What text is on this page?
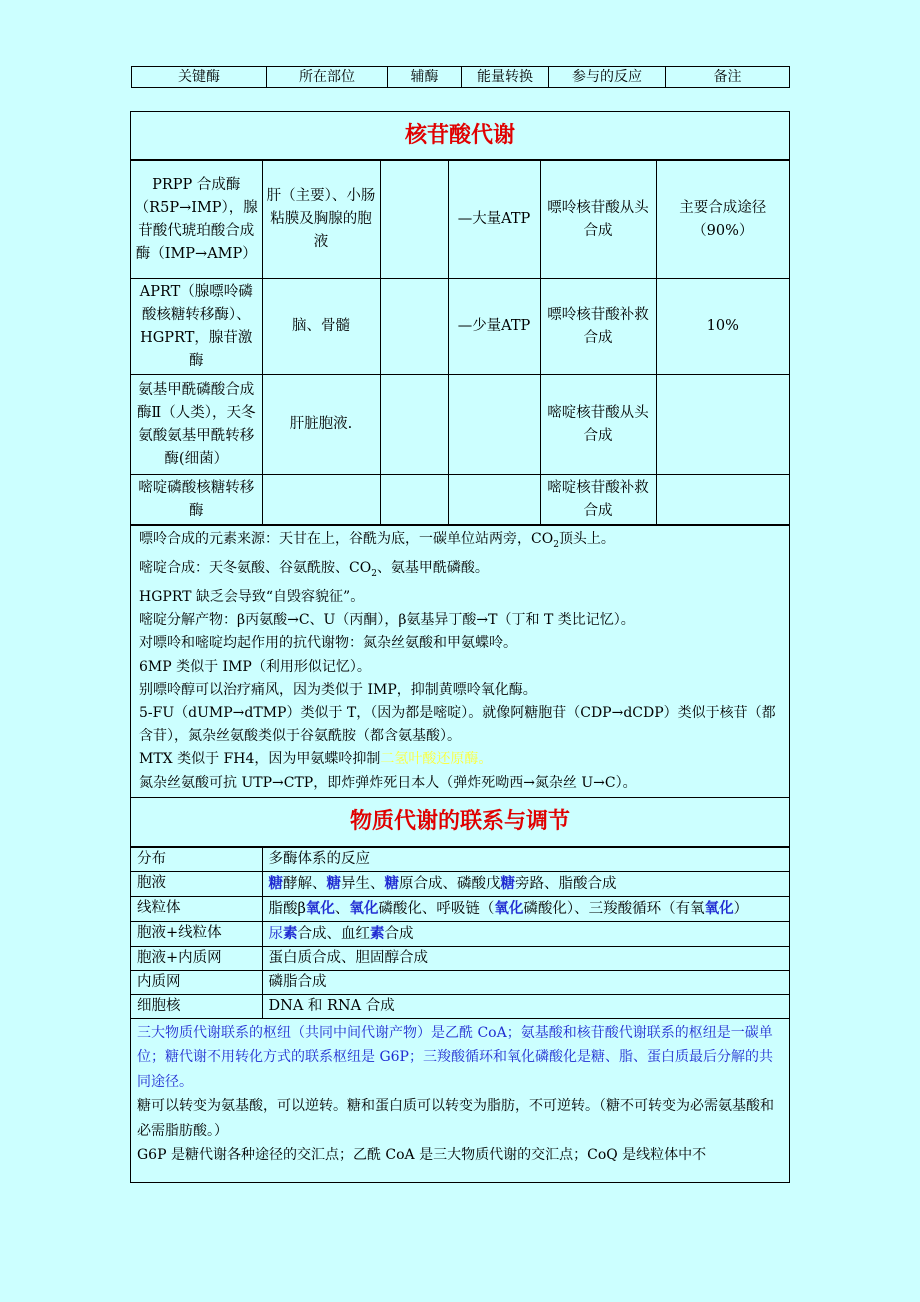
关键酶	所在部位	辅酶	能量转换	参与的反应	备注
核苷酸代谢
PRPP 合成酶（R5P→IMP），腺苷酸代琥珀酸合成酶（IMP→AMP）	肝（主要）、小肠粘膜及胸腺的胞液		—大量ATP	嘌呤核苷酸从头合成	主要合成途径（90%）
APRT（腺嘌呤磷酸核糖转移酶）、HGPRT，腺苷激酶	脑、骨髓		—少量ATP	嘌呤核苷酸补救合成	10%
氨基甲酰磷酸合成酶Ⅱ（人类），天冬氨酸氨基甲酰转移酶(细菌）	肝脏胞液.			嘧啶核苷酸从头合成	
嘧啶磷酸核糖转移酶				嘧啶核苷酸补救合成	

嘌呤合成的元素来源：天甘在上，谷酰为底，一碳单位站两旁，$CO_2$顶头上。

嘧啶合成：天冬氨酸、谷氨酰胺、$CO_2$、氨基甲酰磷酸。

HGPRT 缺乏会导致“自毁容貌征”。

嘧啶分解产物：β丙氨酸→C、U（丙酮），β氨基异丁酸→T（丁和 T 类比记忆）。

对嘌呤和嘧啶均起作用的抗代谢物：氮杂丝氨酸和甲氨蝶呤。

6MP 类似于 IMP（利用形似记忆）。

别嘌呤醇可以治疗痛风，因为类似于 IMP，抑制黄嘌呤氧化酶。

5-FU（dUMP→dTMP）类似于 T，（因为都是嘧啶）。就像阿糖胞苷（CDP→dCDP）类似于核苷（都含苷），氮杂丝氨酸类似于谷氨酰胺（都含氨基酸）。

MTX 类似于 FH4，因为甲氨蝶呤抑制二氢叶酸还原酶。

氮杂丝氨酸可抗 UTP→CTP，即炸弹炸死日本人（弹炸死呦西→氮杂丝 U→C）。

物质代谢的联系与调节
分布	多酶体系的反应
胞液	糖酵解、糖异生、糖原合成、磷酸戊糖旁路、脂酸合成
线粒体	脂酸β氧化、氧化磷酸化、呼吸链（氧化磷酸化）、三羧酸循环（有氧氧化）
胞液+线粒体	尿素合成、血红素合成
胞液+内质网	蛋白质合成、胆固醇合成
内质网	磷脂合成
细胞核	DNA 和 RNA 合成

三大物质代谢联系的枢纽（共同中间代谢产物）是乙酰 CoA；氨基酸和核苷酸代谢联系的枢纽是一碳单位；糖代谢不用转化方式的联系枢纽是 G6P；三羧酸循环和氧化磷酸化是糖、脂、蛋白质最后分解的共同途径。

糖可以转变为氨基酸，可以逆转。糖和蛋白质可以转变为脂肪，不可逆转。（糖不可转变为必需氨基酸和必需脂肪酸。）

G6P 是糖代谢各种途径的交汇点；乙酰 CoA 是三大物质代谢的交汇点；CoQ 是线粒体中不
